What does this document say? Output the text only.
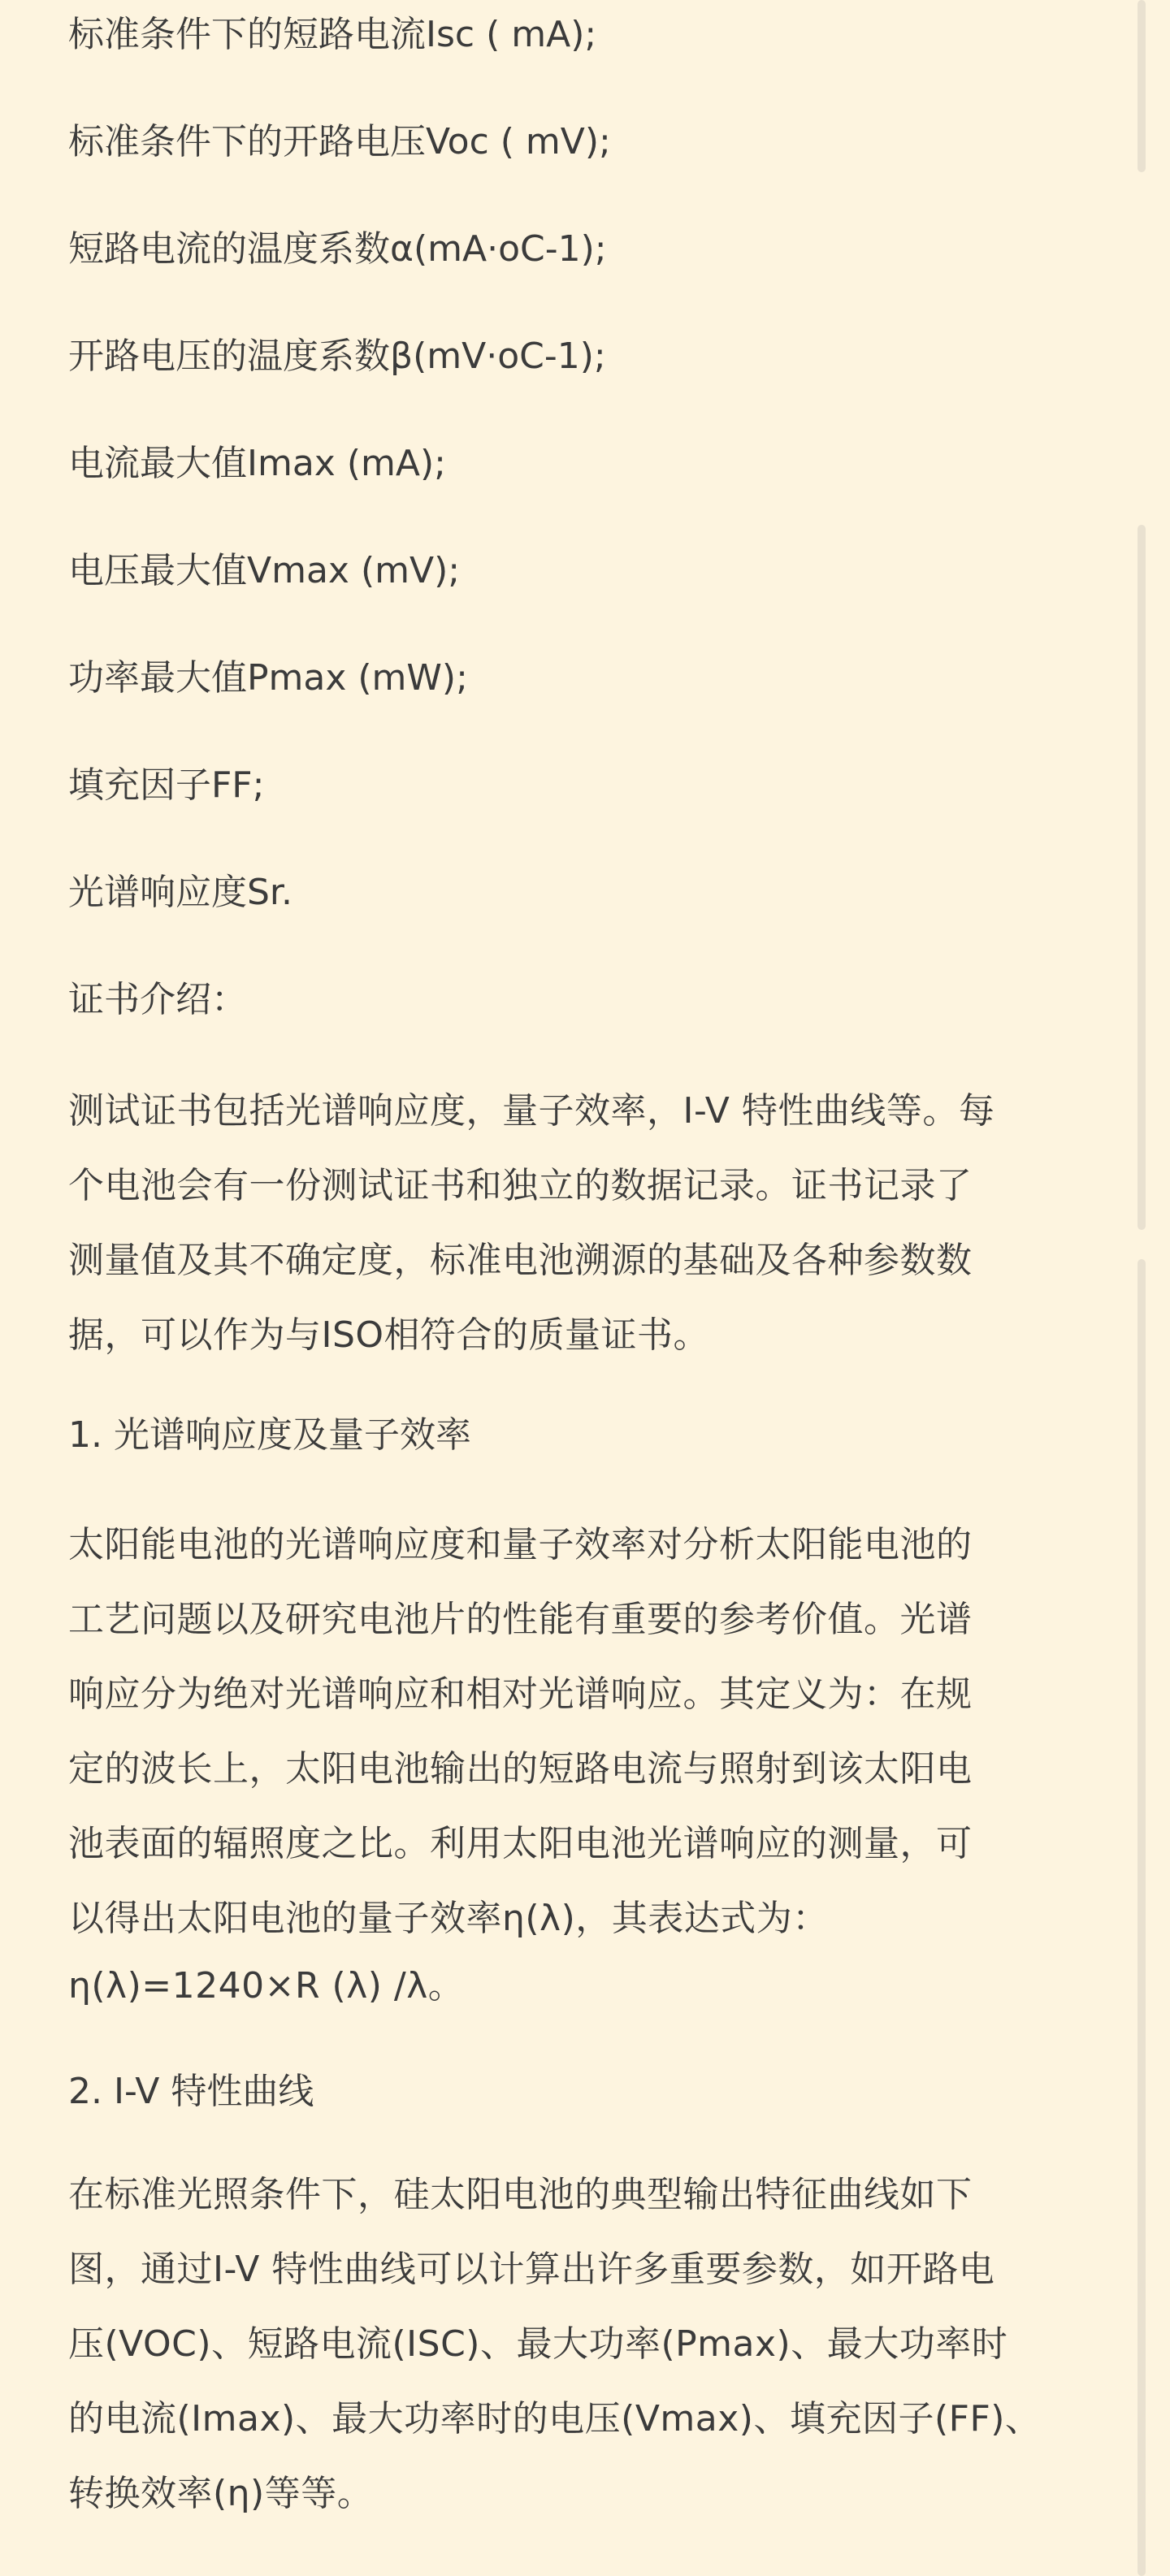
标准条件下的短路电流Isc ( mA);

标准条件下的开路电压Voc ( mV);

短路电流的温度系数α(mA·oC-1);

开路电压的温度系数β(mV·oC-1);

电流最大值Imax (mA);

电压最大值Vmax (mV);

功率最大值Pmax (mW);

填充因子FF;

光谱响应度Sr.

证书介绍：

测试证书包括光谱响应度，量子效率，I-V 特性曲线等。每
个电池会有一份测试证书和独立的数据记录。证书记录了
测量值及其不确定度，标准电池溯源的基础及各种参数数
据，可以作为与ISO相符合的质量证书。

1. 光谱响应度及量子效率

太阳能电池的光谱响应度和量子效率对分析太阳能电池的
工艺问题以及研究电池片的性能有重要的参考价值。光谱
响应分为绝对光谱响应和相对光谱响应。其定义为：在规
定的波长上，太阳电池输出的短路电流与照射到该太阳电
池表面的辐照度之比。利用太阳电池光谱响应的测量，可
以得出太阳电池的量子效率η(λ)，其表达式为：
η(λ)=1240×R (λ) /λ。

2. I-V 特性曲线

在标准光照条件下，硅太阳电池的典型输出特征曲线如下
图，通过I-V 特性曲线可以计算出许多重要参数，如开路电
压(VOC)、短路电流(ISC)、最大功率(Pmax)、最大功率时
的电流(Imax)、最大功率时的电压(Vmax)、填充因子(FF)、
转换效率(η)等等。
